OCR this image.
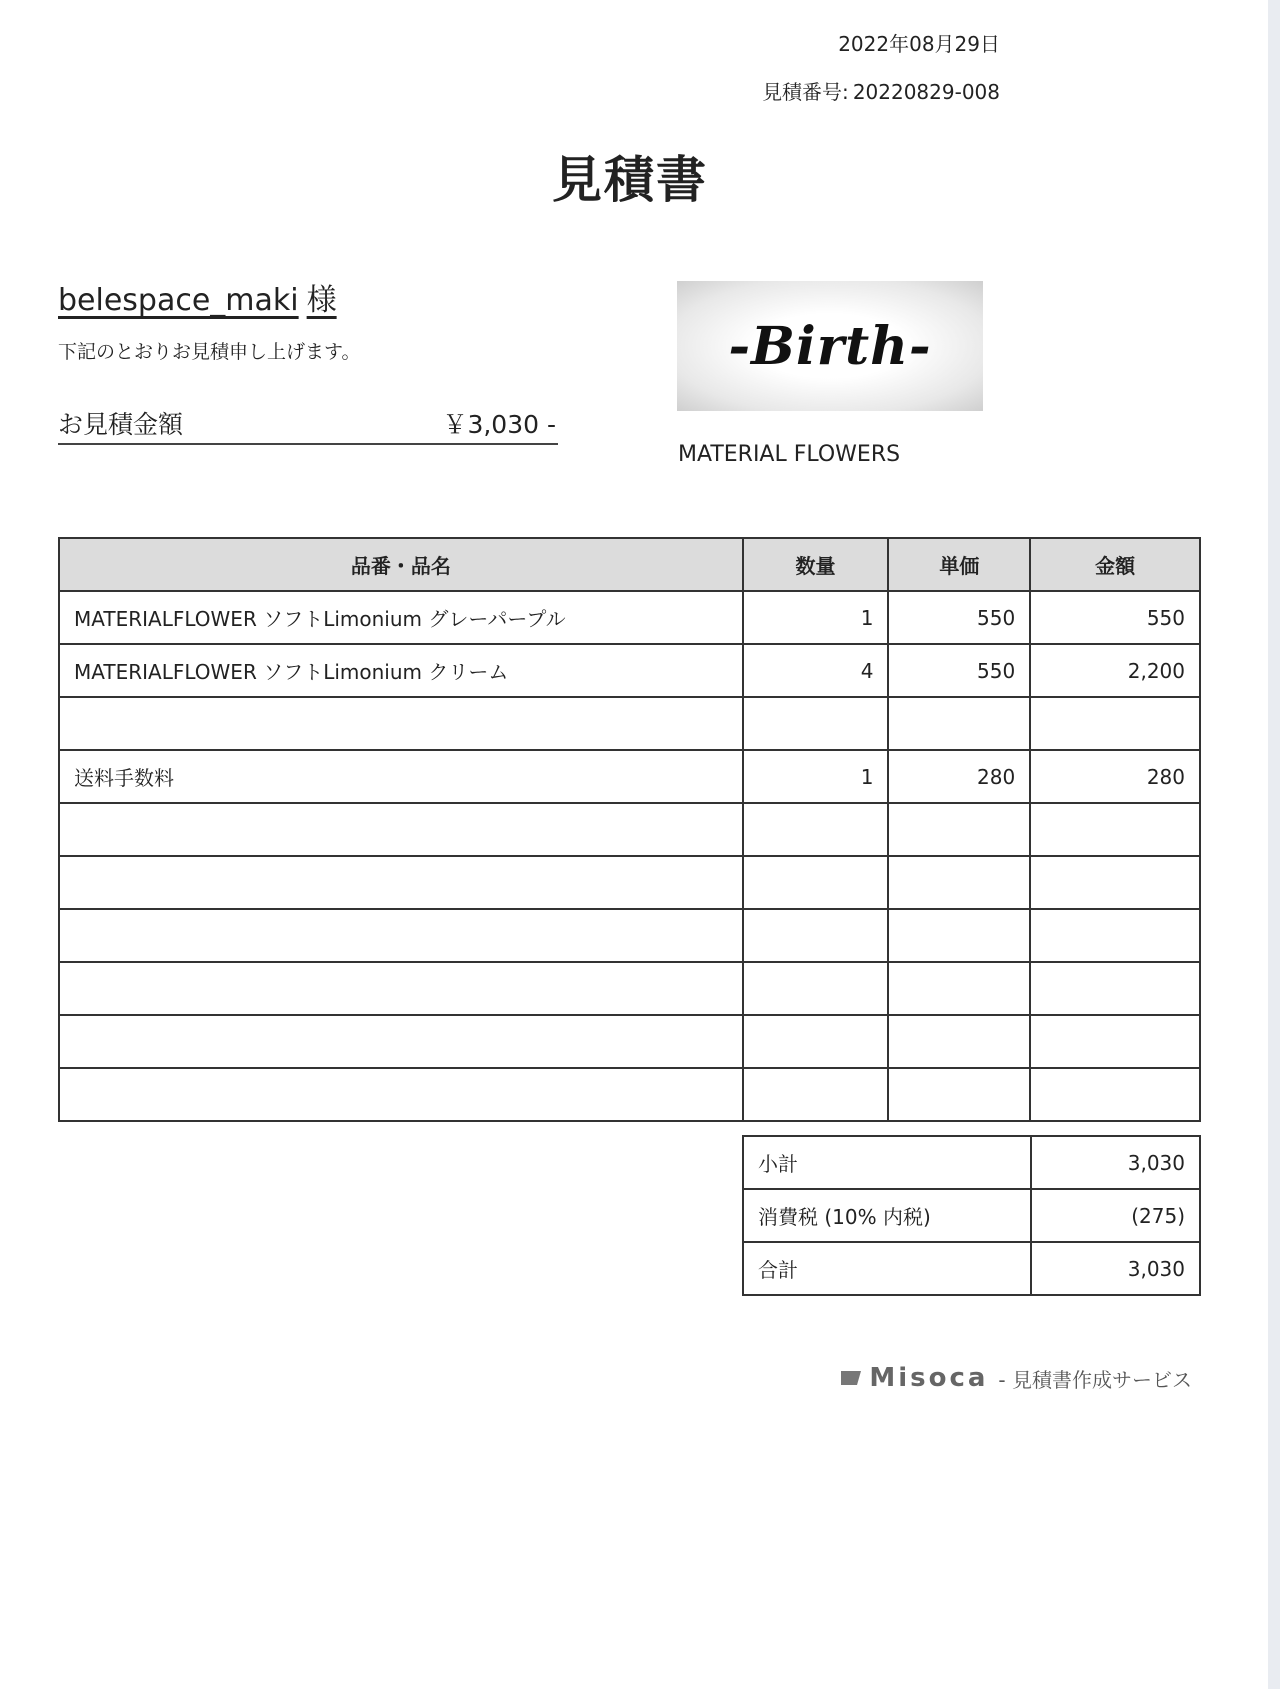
2022年08月29日
見積番号: 20220829-008
見積書
belespace_maki 様
下記のとおりお見積申し上げます。
お見積金額	￥3,030 -
-Birth-
MATERIAL FLOWERS
品番・品名	数量	単価	金額
MATERIALFLOWER ソフトLimonium グレーパープル	1	550	550
MATERIALFLOWER ソフトLimonium クリーム	4	550	2,200

送料手数料	1	280	280

小計	3,030
消費税 (10% 内税)	(275)
合計	3,030
Misoca - 見積書作成サービス
